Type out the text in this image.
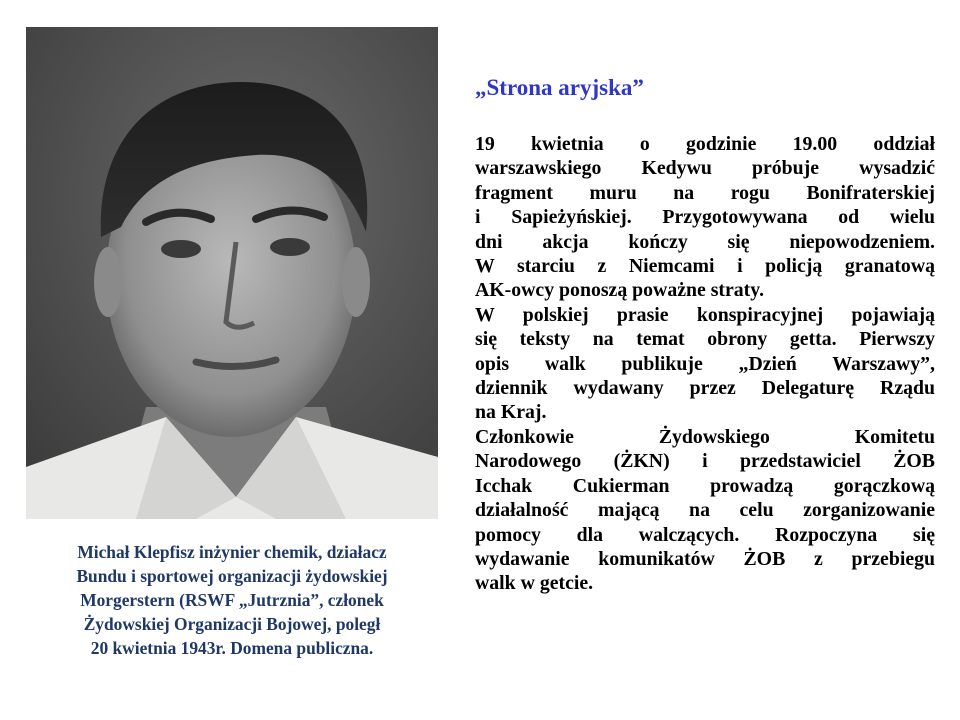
Michał Klepfisz inżynier chemik, działacz
Bundu i sportowej organizacji żydowskiej
Morgerstern (RSWF „Jutrznia”, członek
Żydowskiej Organizacji Bojowej, poległ
20 kwietnia 1943r. Domena publiczna.
„Strona aryjska”
19 kwietnia o godzinie 19.00 oddział
warszawskiego Kedywu próbuje wysadzić
fragment muru na rogu Bonifraterskiej
i Sapieżyńskiej. Przygotowywana od wielu
dni akcja kończy się niepowodzeniem.
W starciu z Niemcami i policją granatową
AK-owcy ponoszą poważne straty.
W polskiej prasie konspiracyjnej pojawiają
się teksty na temat obrony getta. Pierwszy
opis walk publikuje „Dzień Warszawy”,
dziennik wydawany przez Delegaturę Rządu
na Kraj.
Członkowie Żydowskiego Komitetu
Narodowego (ŻKN) i przedstawiciel ŻOB
Icchak Cukierman prowadzą gorączkową
działalność mającą na celu zorganizowanie
pomocy dla walczących. Rozpoczyna się
wydawanie komunikatów ŻOB z przebiegu
walk w getcie.
